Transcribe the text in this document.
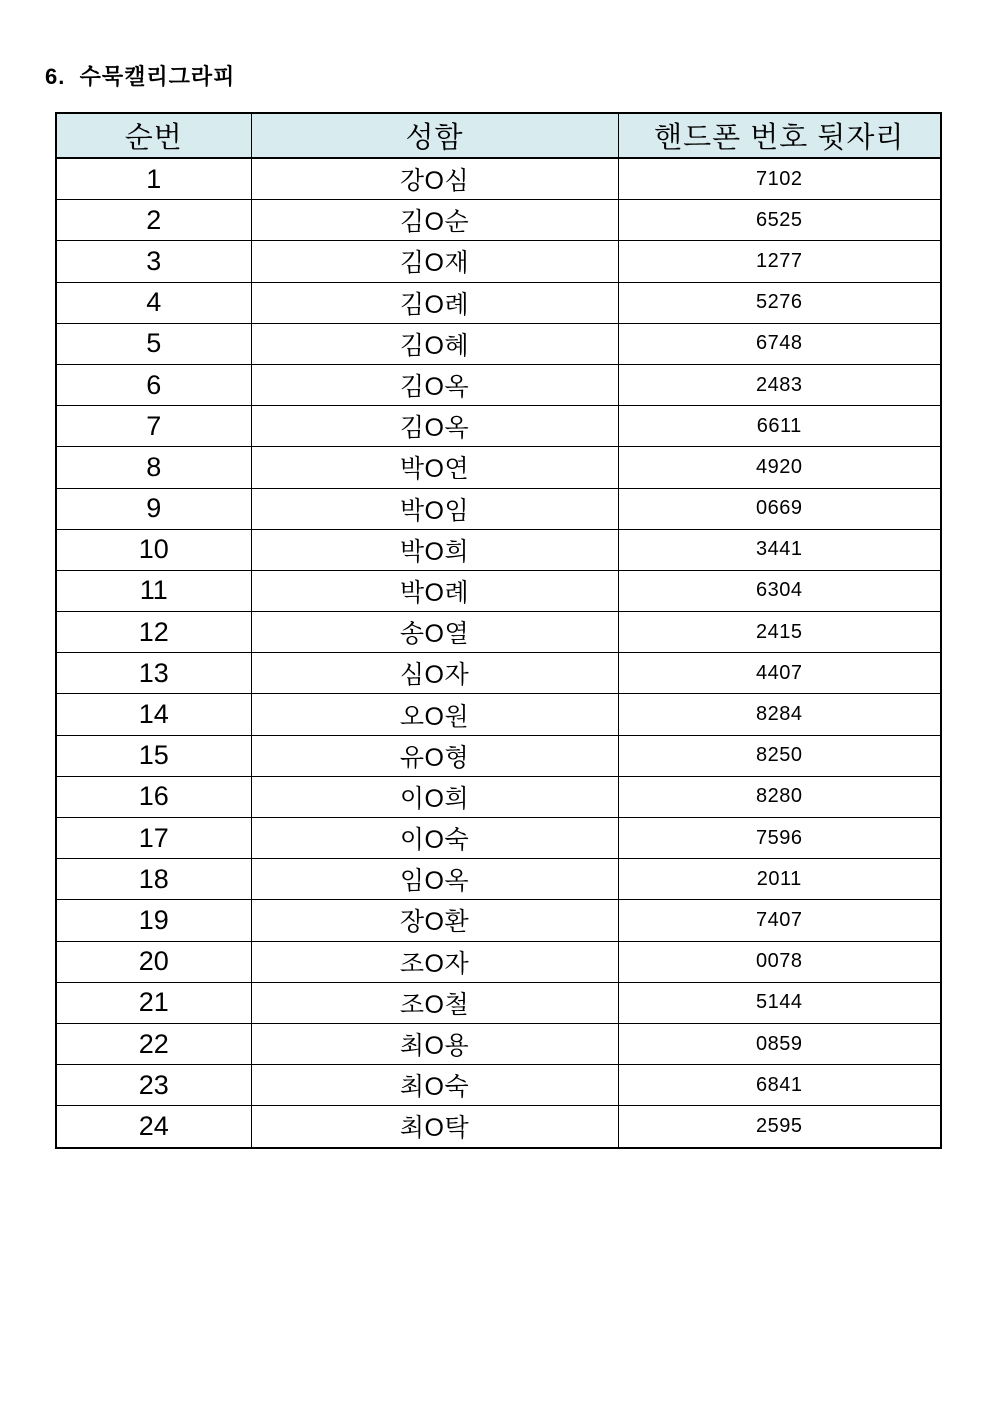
6.  수묵캘리그라피
순번	성함	핸드폰 번호 뒷자리
1	강O심	7102
2	김O순	6525
3	김O재	1277
4	김O례	5276
5	김O혜	6748
6	김O옥	2483
7	김O옥	6611
8	박O연	4920
9	박O임	0669
10	박O희	3441
11	박O례	6304
12	송O열	2415
13	심O자	4407
14	오O원	8284
15	유O형	8250
16	이O희	8280
17	이O숙	7596
18	임O옥	2011
19	장O환	7407
20	조O자	0078
21	조O철	5144
22	최O용	0859
23	최O숙	6841
24	최O탁	2595
